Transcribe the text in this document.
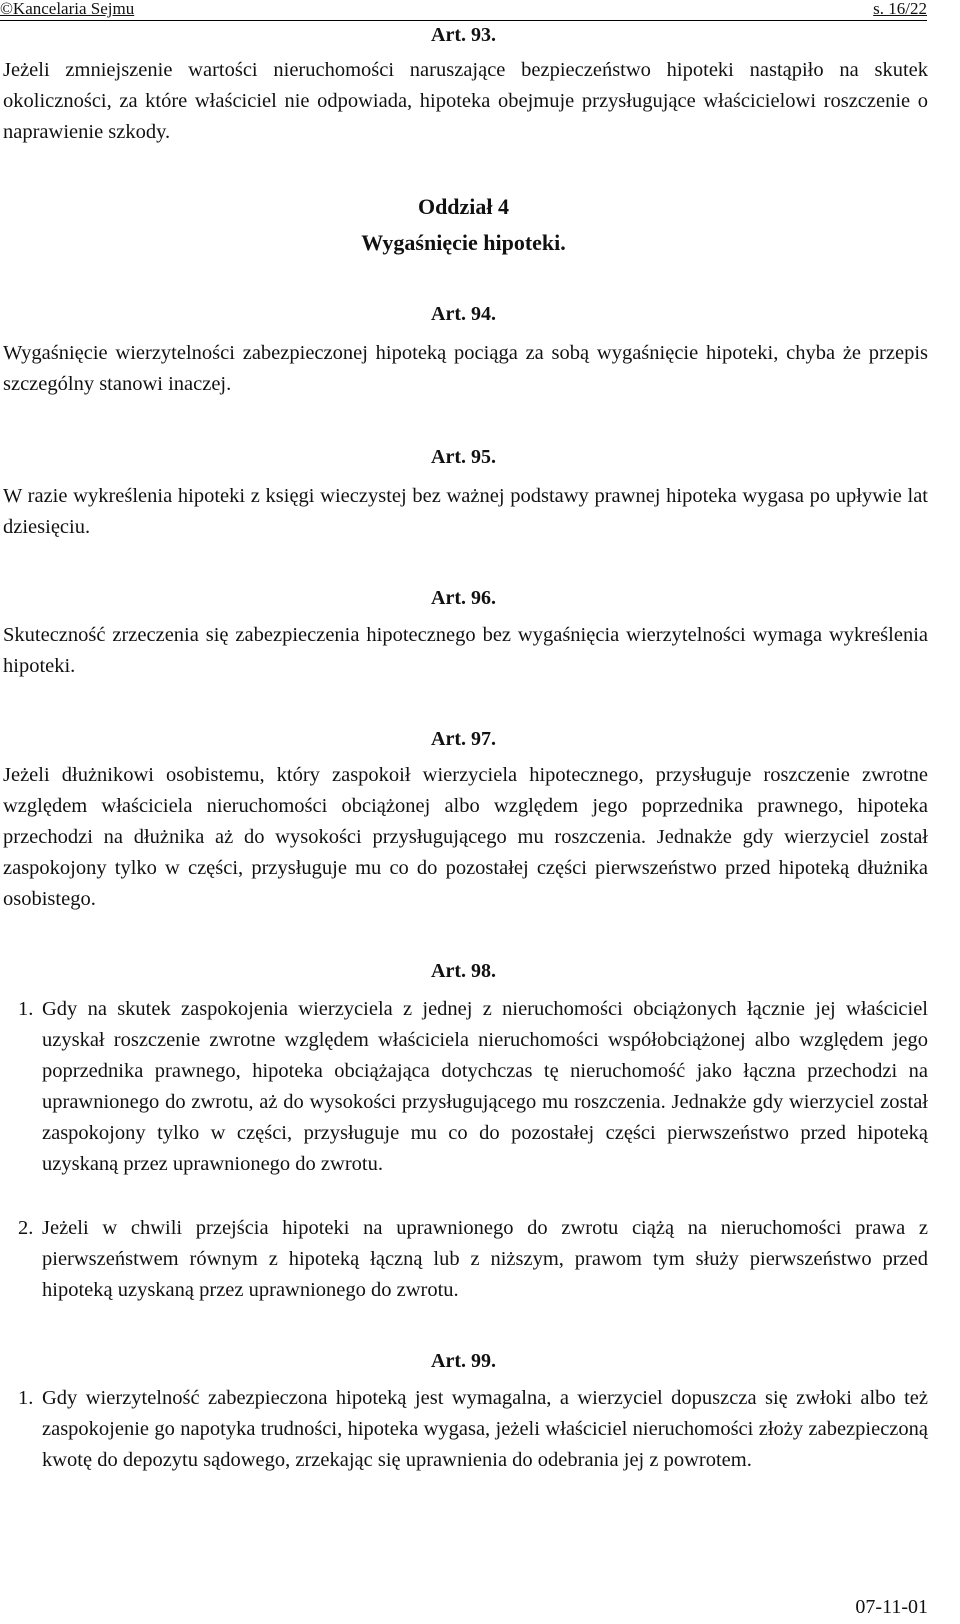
©Kancelaria Sejmu	s. 16/22
Art. 93.
Jeżeli zmniejszenie wartości nieruchomości naruszające bezpieczeństwo hipoteki nastąpiło na skutek okoliczności, za które właściciel nie odpowiada, hipoteka obejmuje przysługujące właścicielowi roszczenie o naprawienie szkody.
Oddział 4
Wygaśnięcie hipoteki.
Art. 94.
Wygaśnięcie wierzytelności zabezpieczonej hipoteką pociąga za sobą wygaśnięcie hipoteki, chyba że przepis szczególny stanowi inaczej.
Art. 95.
W razie wykreślenia hipoteki z księgi wieczystej bez ważnej podstawy prawnej hipoteka wygasa po upływie lat dziesięciu.
Art. 96.
Skuteczność zrzeczenia się zabezpieczenia hipotecznego bez wygaśnięcia wierzytelności wymaga wykreślenia hipoteki.
Art. 97.
Jeżeli dłużnikowi osobistemu, który zaspokoił wierzyciela hipotecznego, przysługuje roszczenie zwrotne względem właściciela nieruchomości obciążonej albo względem jego poprzednika prawnego, hipoteka przechodzi na dłużnika aż do wysokości przysługującego mu roszczenia. Jednakże gdy wierzyciel został zaspokojony tylko w części, przysługuje mu co do pozostałej części pierwszeństwo przed hipoteką dłużnika osobistego.
Art. 98.
1. Gdy na skutek zaspokojenia wierzyciela z jednej z nieruchomości obciążonych łącznie jej właściciel uzyskał roszczenie zwrotne względem właściciela nieruchomości współobciążonej albo względem jego poprzednika prawnego, hipoteka obciążająca dotychczas tę nieruchomość jako łączna przechodzi na uprawnionego do zwrotu, aż do wysokości przysługującego mu roszczenia. Jednakże gdy wierzyciel został zaspokojony tylko w części, przysługuje mu co do pozostałej części pierwszeństwo przed hipoteką uzyskaną przez uprawnionego do zwrotu.
2. Jeżeli w chwili przejścia hipoteki na uprawnionego do zwrotu ciążą na nieruchomości prawa z pierwszeństwem równym z hipoteką łączną lub z niższym, prawom tym służy pierwszeństwo przed hipoteką uzyskaną przez uprawnionego do zwrotu.
Art. 99.
1. Gdy wierzytelność zabezpieczona hipoteką jest wymagalna, a wierzyciel dopuszcza się zwłoki albo też zaspokojenie go napotyka trudności, hipoteka wygasa, jeżeli właściciel nieruchomości złoży zabezpieczoną kwotę do depozytu sądowego, zrzekając się uprawnienia do odebrania jej z powrotem.
07-11-01
